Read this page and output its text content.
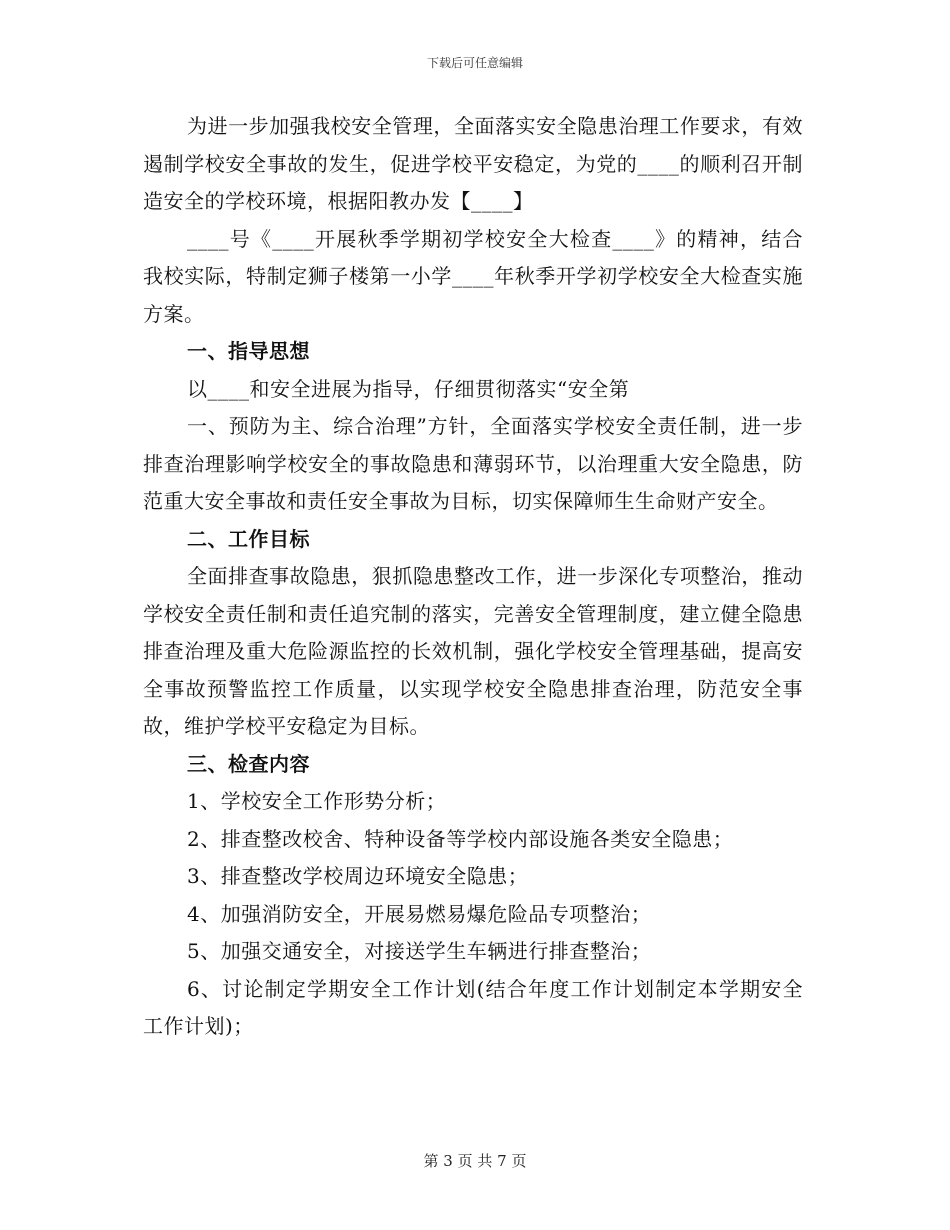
下载后可任意编辑

为进一步加强我校安全管理，全面落实安全隐患治理工作要求，有效遏制学校安全事故的发生，促进学校平安稳定，为党的____的顺利召开制造安全的学校环境，根据阳教办发【____】

____号《____开展秋季学期初学校安全大检查____》的精神，结合我校实际，特制定狮子楼第一小学____年秋季开学初学校安全大检查实施方案。

一、指导思想

以____和安全进展为指导，仔细贯彻落实“安全第

一、预防为主、综合治理”方针，全面落实学校安全责任制，进一步排查治理影响学校安全的事故隐患和薄弱环节，以治理重大安全隐患，防范重大安全事故和责任安全事故为目标，切实保障师生生命财产安全。

二、工作目标

全面排查事故隐患，狠抓隐患整改工作，进一步深化专项整治，推动学校安全责任制和责任追究制的落实，完善安全管理制度，建立健全隐患排查治理及重大危险源监控的长效机制，强化学校安全管理基础，提高安全事故预警监控工作质量，以实现学校安全隐患排查治理，防范安全事故，维护学校平安稳定为目标。

三、检查内容

1、学校安全工作形势分析；

2、排查整改校舍、特种设备等学校内部设施各类安全隐患；

3、排查整改学校周边环境安全隐患；

4、加强消防安全，开展易燃易爆危险品专项整治；

5、加强交通安全，对接送学生车辆进行排查整治；

6、讨论制定学期安全工作计划(结合年度工作计划制定本学期安全工作计划)；

第 3 页 共 7 页
